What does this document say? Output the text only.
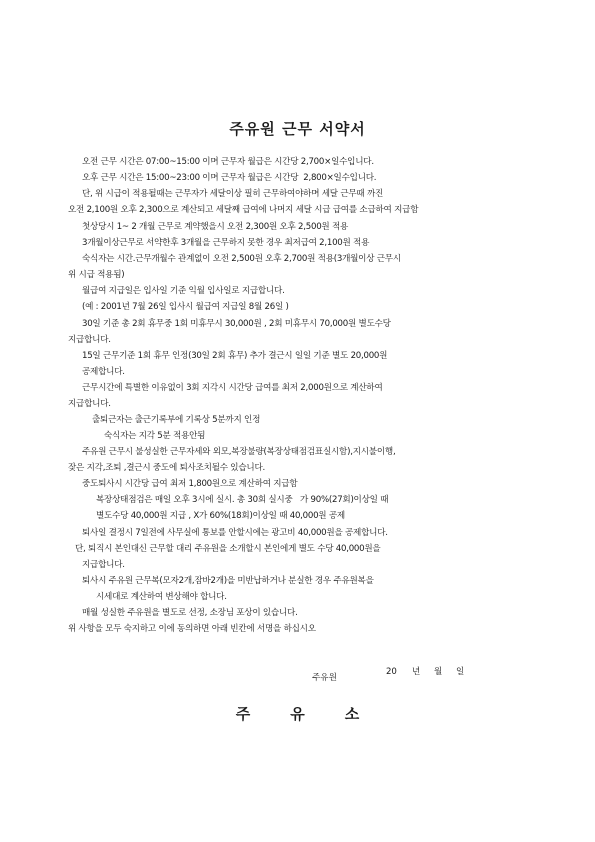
주유원 근무 서약서
오전 근무 시간은 07:00~15:00 이며 근무자 월급은 시간당 2,700×일수입니다.
오후 근무 시간은 15:00~23:00 이며 근무자 월급은 시간당  2,800×일수입니다.
단, 위 시급이 적용될때는 근무자가 세달이상 필히 근무하여야하며 세달 근무때 까진
오전 2,100원 오후 2,300으로 계산되고 세달째 급여에 나머지 세달 시급 급여를 소급하여 지급함
첫상당시 1~ 2 개월 근무로 계약했을시 오전 2,300원 오후 2,500원 적용
3개월이상근무로 서약한후 3개월을 근무하지 못한 경우 최저급여 2,100원 적용
숙식자는 시간.근무개월수 관계없이 오전 2,500원 오후 2,700원 적용(3개월이상 근무시
위 시급 적용됨)
월급여 지급일은 입사일 기준 익월 입사일로 지급합니다.
(예 : 2001년 7월 26일 입사시 월급여 지급일 8월 26일 )
30일 기준 총 2회 휴무중 1회 미휴무시 30,000원 , 2회 미휴무시 70,000원 별도수당
지급합니다.
15일 근무기준 1회 휴무 인정(30일 2회 휴무) 추가 결근시 일일 기준 별도 20,000원
공제합니다.
근무시간에 특별한 이유없이 3회 지각시 시간당 급여를 최저 2,000원으로 계산하여
지급합니다.
출퇴근자는 출근기록부에 기록상 5분까지 인정
숙식자는 지각 5분 적용안됨
주유원 근무시 불성실한 근무자세와 외모,복장불량(복장상태점검표실시함),지시불이행,
잦은 지각,조퇴 ,결근시 중도에 퇴사조치될수 있습니다.
중도퇴사시 시간당 급여 최저 1,800원으로 계산하여 지급함
복장상태점검은 매일 오후 3시에 실시. 총 30회 실시중   가 90%(27회)이상일 때
별도수당 40,000원 지급 , X가 60%(18회)이상일 때 40,000원 공제
퇴사일 결정시 7일전에 사무실에 통보를 안할시에는 광고비 40,000원을 공제합니다.
단, 퇴직시 본인대신 근무할 대리 주유원을 소개할시 본인에게 별도 수당 40,000원을
지급합니다.
퇴사시 주유원 근무복(모자2개,잠바2개)을 미반납하거나 분실한 경우 주유원복을
시세대로 계산하여 변상해야 합니다.
매월 성실한 주유원을 별도로 선정, 소장님 포상이 있습니다.
위 사항을 모두 숙지하고 이에 동의하면 아래 빈칸에 서명을 하십시오

20 년 월 일

주유원
주	유	소
